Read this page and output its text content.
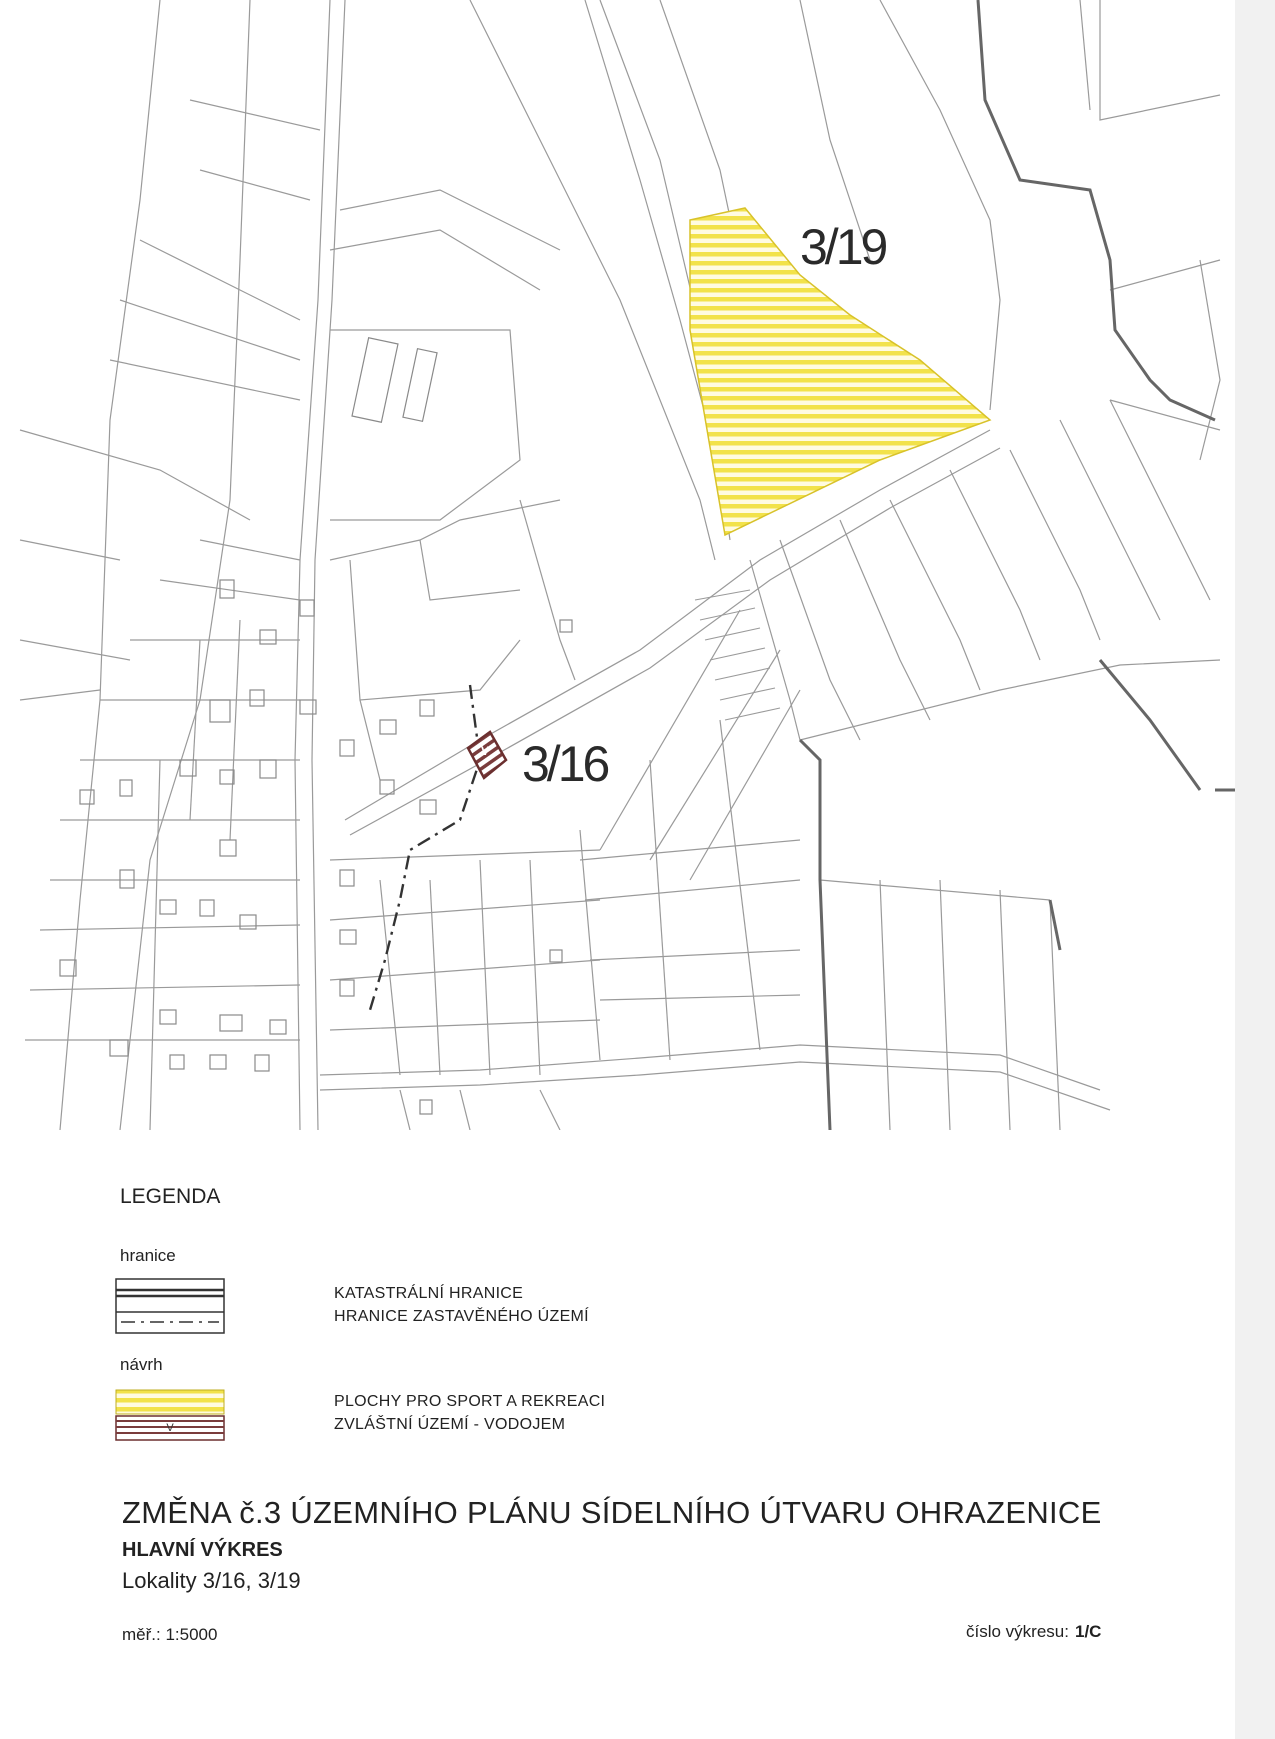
3/19
3/16
V
LEGENDA
hranice
KATASTRÁLNÍ HRANICE
HRANICE ZASTAVĚNÉHO ÚZEMÍ
návrh
V
PLOCHY PRO SPORT A REKREACI
ZVLÁŠTNÍ ÚZEMÍ - VODOJEM
ZMĚNA č.3 ÚZEMNÍHO PLÁNU SÍDELNÍHO ÚTVARU OHRAZENICE
HLAVNÍ VÝKRES
Lokality 3/16, 3/19
měř.: 1:5000	číslo výkresu: 1/C
